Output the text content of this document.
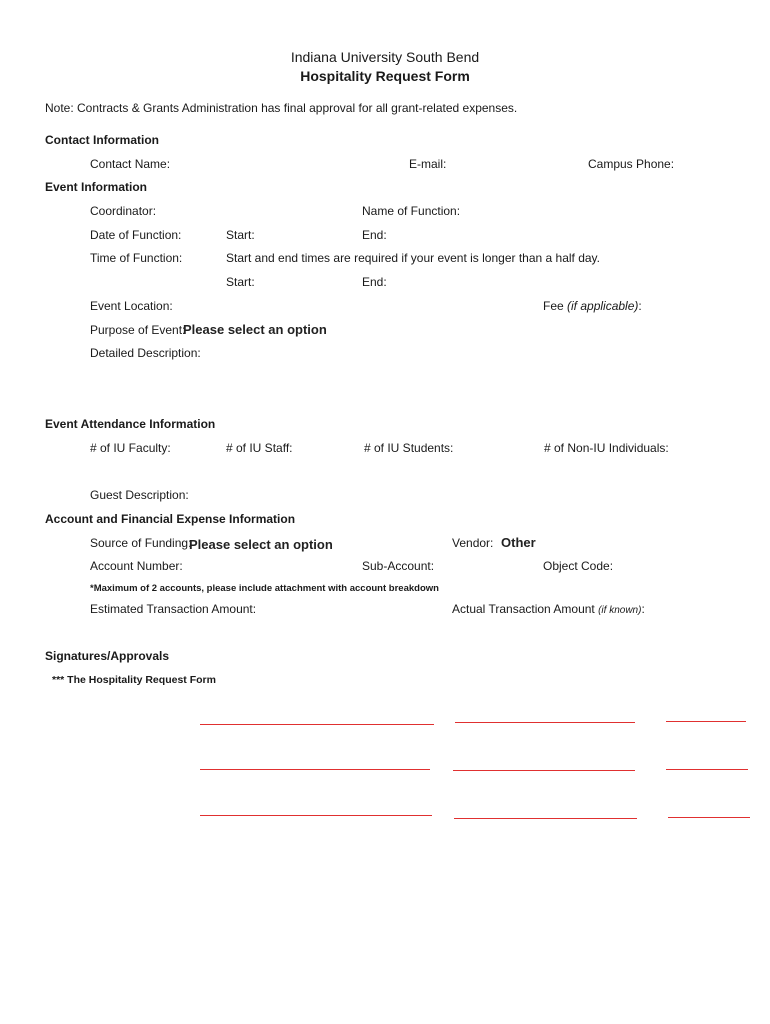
Indiana University South Bend
Hospitality Request Form
Note: Contracts & Grants Administration has final approval for all grant-related expenses.
Contact Information
Contact Name:	E-mail:	Campus Phone:
Event Information
Coordinator:	Name of Function:
Date of Function:	Start:	End:
Time of Function:	Start and end times are required if your event is longer than a half day.
Start:	End:
Event Location:	Fee (if applicable):
Purpose of Event:
Please select an option
Detailed Description:
Event Attendance Information
# of IU Faculty:	# of IU Staff:	# of IU Students:	# of Non-IU Individuals:
Guest Description:
Account and Financial Expense Information
Source of Funding:
Please select an option	Vendor: Other
Account Number:	Sub-Account:	Object Code:
*Maximum of 2 accounts, please include attachment with account breakdown
Estimated Transaction Amount:	Actual Transaction Amount (if known):
Signatures/Approvals
*** The Hospitality Request Form
